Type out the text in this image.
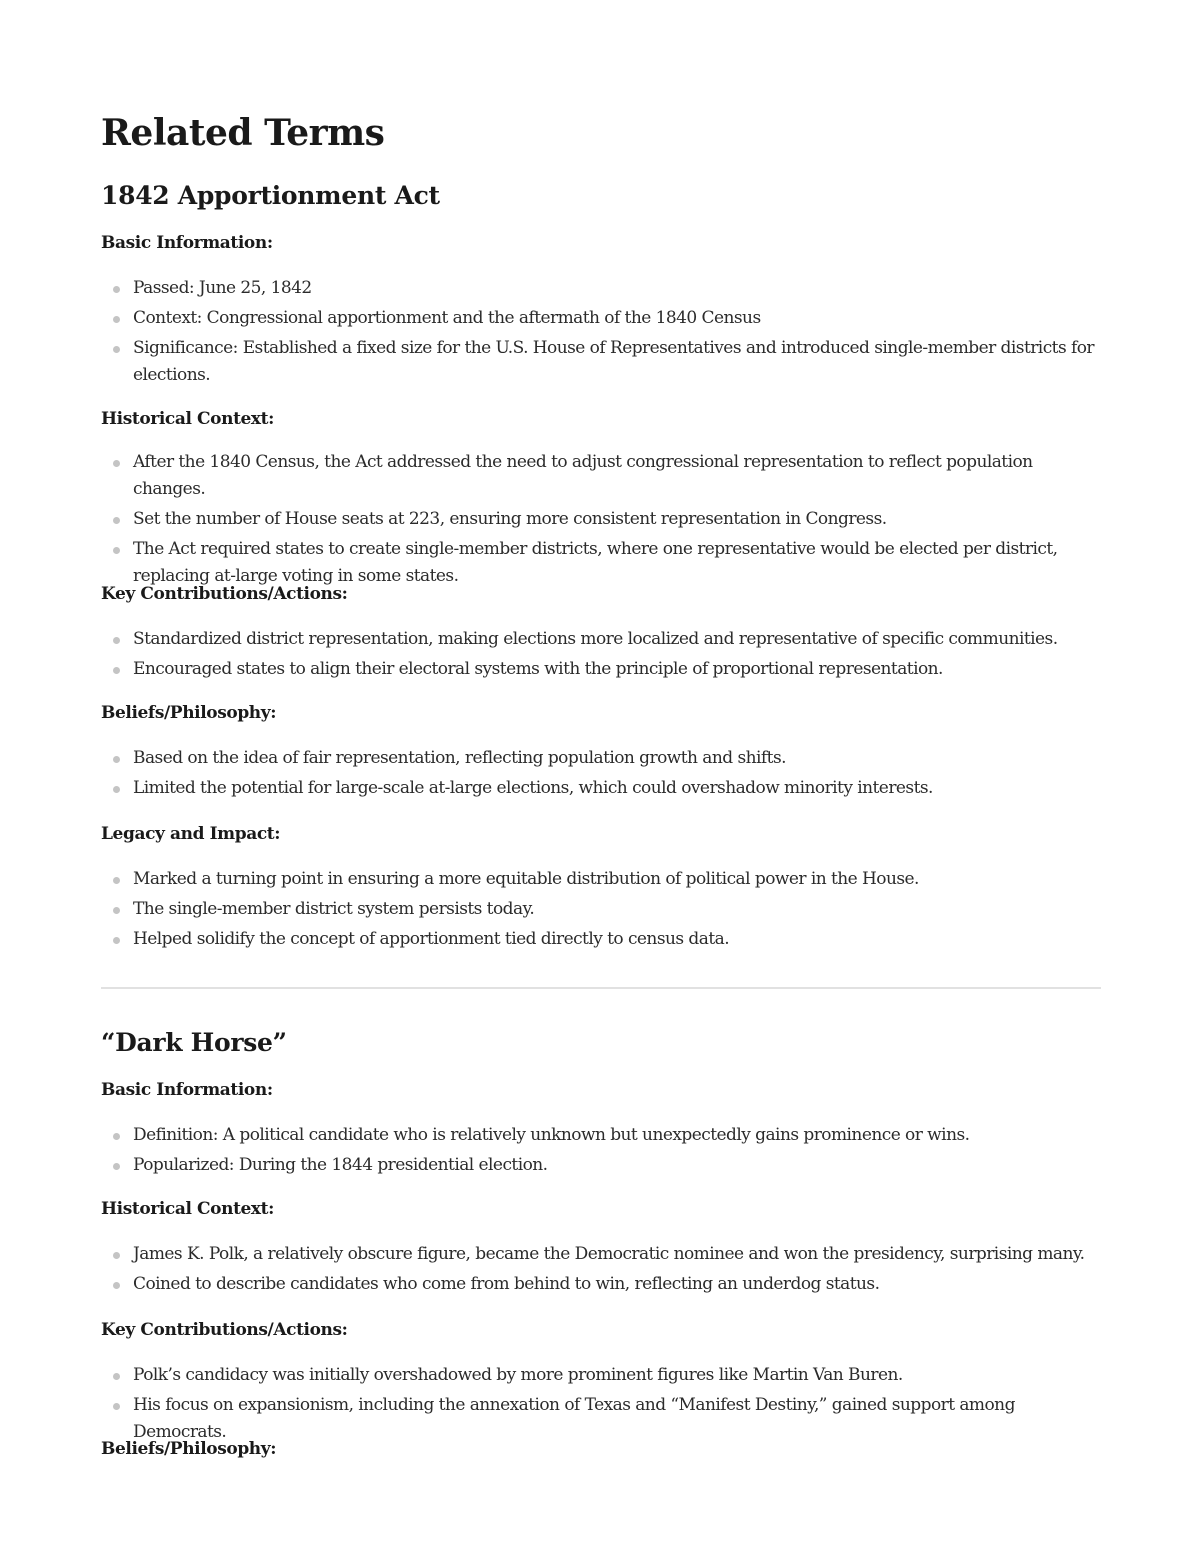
Related Terms
1842 Apportionment Act
Basic Information:
Passed: June 25, 1842
Context: Congressional apportionment and the aftermath of the 1840 Census
Significance: Established a fixed size for the U.S. House of Representatives and introduced single-member districts for elections.
Historical Context:
After the 1840 Census, the Act addressed the need to adjust congressional representation to reflect population changes.
Set the number of House seats at 223, ensuring more consistent representation in Congress.
The Act required states to create single-member districts, where one representative would be elected per district, replacing at-large voting in some states.
Key Contributions/Actions:
Standardized district representation, making elections more localized and representative of specific communities.
Encouraged states to align their electoral systems with the principle of proportional representation.
Beliefs/Philosophy:
Based on the idea of fair representation, reflecting population growth and shifts.
Limited the potential for large-scale at-large elections, which could overshadow minority interests.
Legacy and Impact:
Marked a turning point in ensuring a more equitable distribution of political power in the House.
The single-member district system persists today.
Helped solidify the concept of apportionment tied directly to census data.
“Dark Horse”
Basic Information:
Definition: A political candidate who is relatively unknown but unexpectedly gains prominence or wins.
Popularized: During the 1844 presidential election.
Historical Context:
James K. Polk, a relatively obscure figure, became the Democratic nominee and won the presidency, surprising many.
Coined to describe candidates who come from behind to win, reflecting an underdog status.
Key Contributions/Actions:
Polk’s candidacy was initially overshadowed by more prominent figures like Martin Van Buren.
His focus on expansionism, including the annexation of Texas and “Manifest Destiny,” gained support among Democrats.
Beliefs/Philosophy:
